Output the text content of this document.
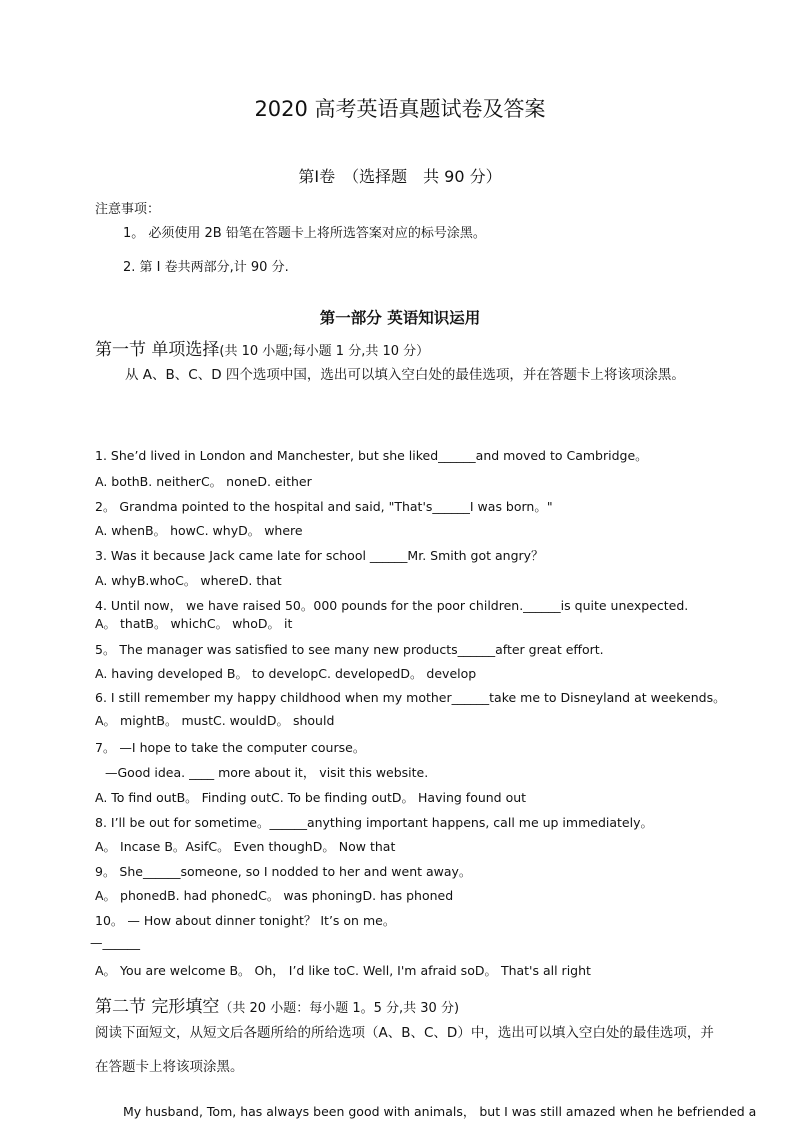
2020 高考英语真题试卷及答案
第I卷　（选择题　共 90 分）
注意事项：
1。 必须使用 2B 铅笔在答题卡上将所选答案对应的标号涂黑。
2. 第 I 卷共两部分,计 90 分.
第一部分 英语知识运用
第一节 单项选择(共 10 小题;每小题 1 分,共 10 分）
从 A、B、C、D 四个选项中国，选出可以填入空白处的最佳选项，并在答题卡上将该项涂黑。
1. She’d lived in London and Manchester, but she liked______and moved to Cambridge。
A. bothB. neitherC。 noneD. either
2。 Grandma pointed to the hospital and said, "That's______I was born。"
A. whenB。 howC. whyD。 where
3. Was it because Jack came late for school ______Mr. Smith got angry？
A. whyB.whoC。 whereD. that
4. Until now， we have raised 50。000 pounds for the poor children.______is quite unexpected.
A。 thatB。 whichC。 whoD。 it
5。 The manager was satisfied to see many new products______after great effort.
A. having developed B。 to developC. developedD。 develop
6. I still remember my happy childhood when my mother______take me to Disneyland at weekends。
A。 mightB。 mustC. wouldD。 should
7。 —I hope to take the computer course。
—Good idea. ____ more about it， visit this website.
A. To find outB。 Finding outC. To be finding outD。 Having found out
8. I’ll be out for sometime。______anything important happens, call me up immediately。
A。 Incase B。AsifC。 Even thoughD。 Now that
9。 She______someone, so I nodded to her and went away。
A。 phonedB. had phonedC。 was phoningD. has phoned
10。 — How about dinner tonight？ It’s on me。
—______
A。 You are welcome B。 Oh， I’d like toC. Well, I'm afraid soD。 That's all right
第二节 完形填空（共 20 小题：每小题 1。5 分,共 30 分)
阅读下面短文，从短文后各题所给的所给选项（A、B、C、D）中，选出可以填入空白处的最佳选项，并在答题卡上将该项涂黑。
My husband, Tom, has always been good with animals， but I was still amazed when he befriended a
